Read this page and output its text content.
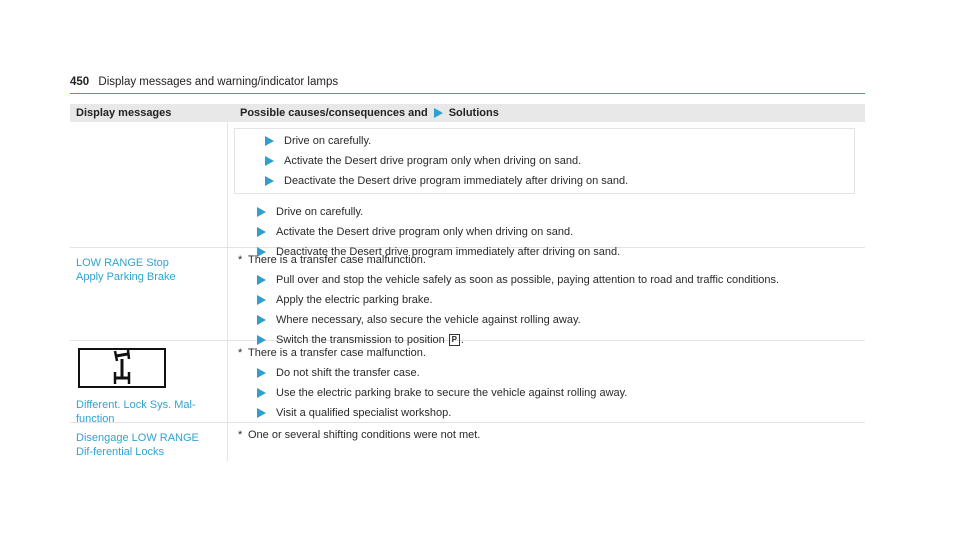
450 Display messages and warning/indicator lamps
Display messages	Possible causes/consequences and Solutions
Drive on carefully.
Activate the Desert drive program only when driving on sand.
Deactivate the Desert drive program immediately after driving on sand.
Drive on carefully.
Activate the Desert drive program only when driving on sand.
Deactivate the Desert drive program immediately after driving on sand.
LOW RANGE Stop Apply Parking Brake
* There is a transfer case malfunction.
Pull over and stop the vehicle safely as soon as possible, paying attention to road and traffic conditions.
Apply the electric parking brake.
Where necessary, also secure the vehicle against rolling away.
Switch the transmission to position
P .
Different. Lock Sys. Mal-function
* There is a transfer case malfunction.
Do not shift the transfer case.
Use the electric parking brake to secure the vehicle against rolling away.
Visit a qualified specialist workshop.
Disengage LOW RANGE Dif-ferential Locks
* One or several shifting conditions were not met.
